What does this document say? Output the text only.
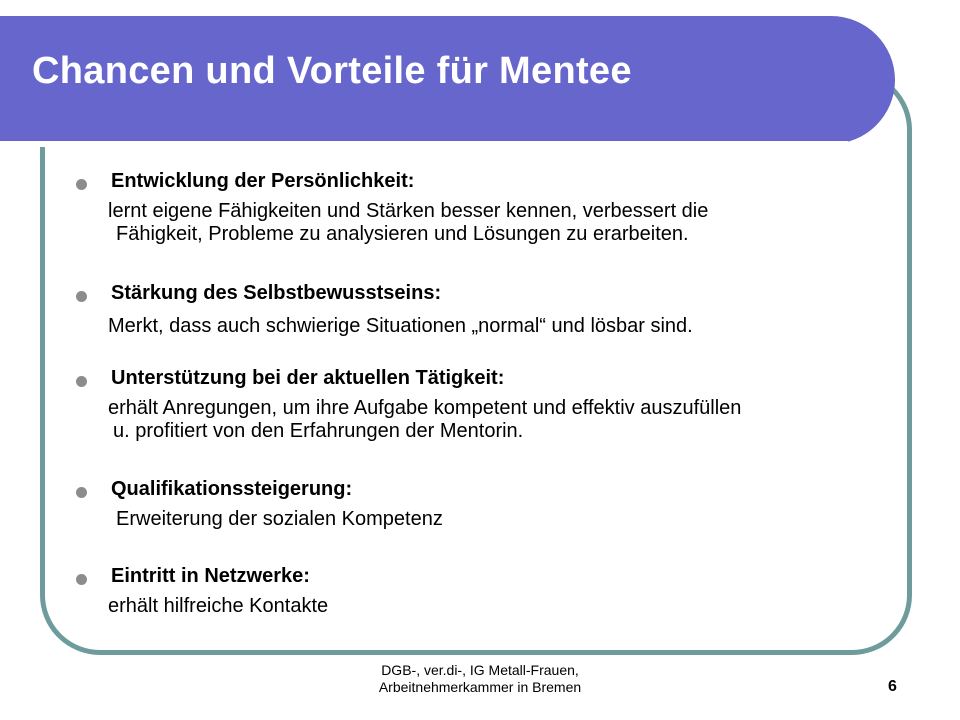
Chancen und Vorteile für Mentee
Entwicklung der Persönlichkeit:
lernt eigene Fähigkeiten und Stärken besser kennen, verbessert die
Fähigkeit, Probleme zu analysieren und Lösungen zu erarbeiten.
Stärkung des Selbstbewusstseins:
Merkt, dass auch schwierige Situationen „normal“ und lösbar sind.
Unterstützung bei der aktuellen Tätigkeit:
erhält Anregungen, um ihre Aufgabe kompetent und effektiv auszufüllen
u. profitiert von den Erfahrungen der Mentorin.
Qualifikationssteigerung:
Erweiterung der sozialen Kompetenz
Eintritt in Netzwerke:
erhält hilfreiche Kontakte
DGB-, ver.di-, IG Metall-Frauen,
Arbeitnehmerkammer in Bremen	6
